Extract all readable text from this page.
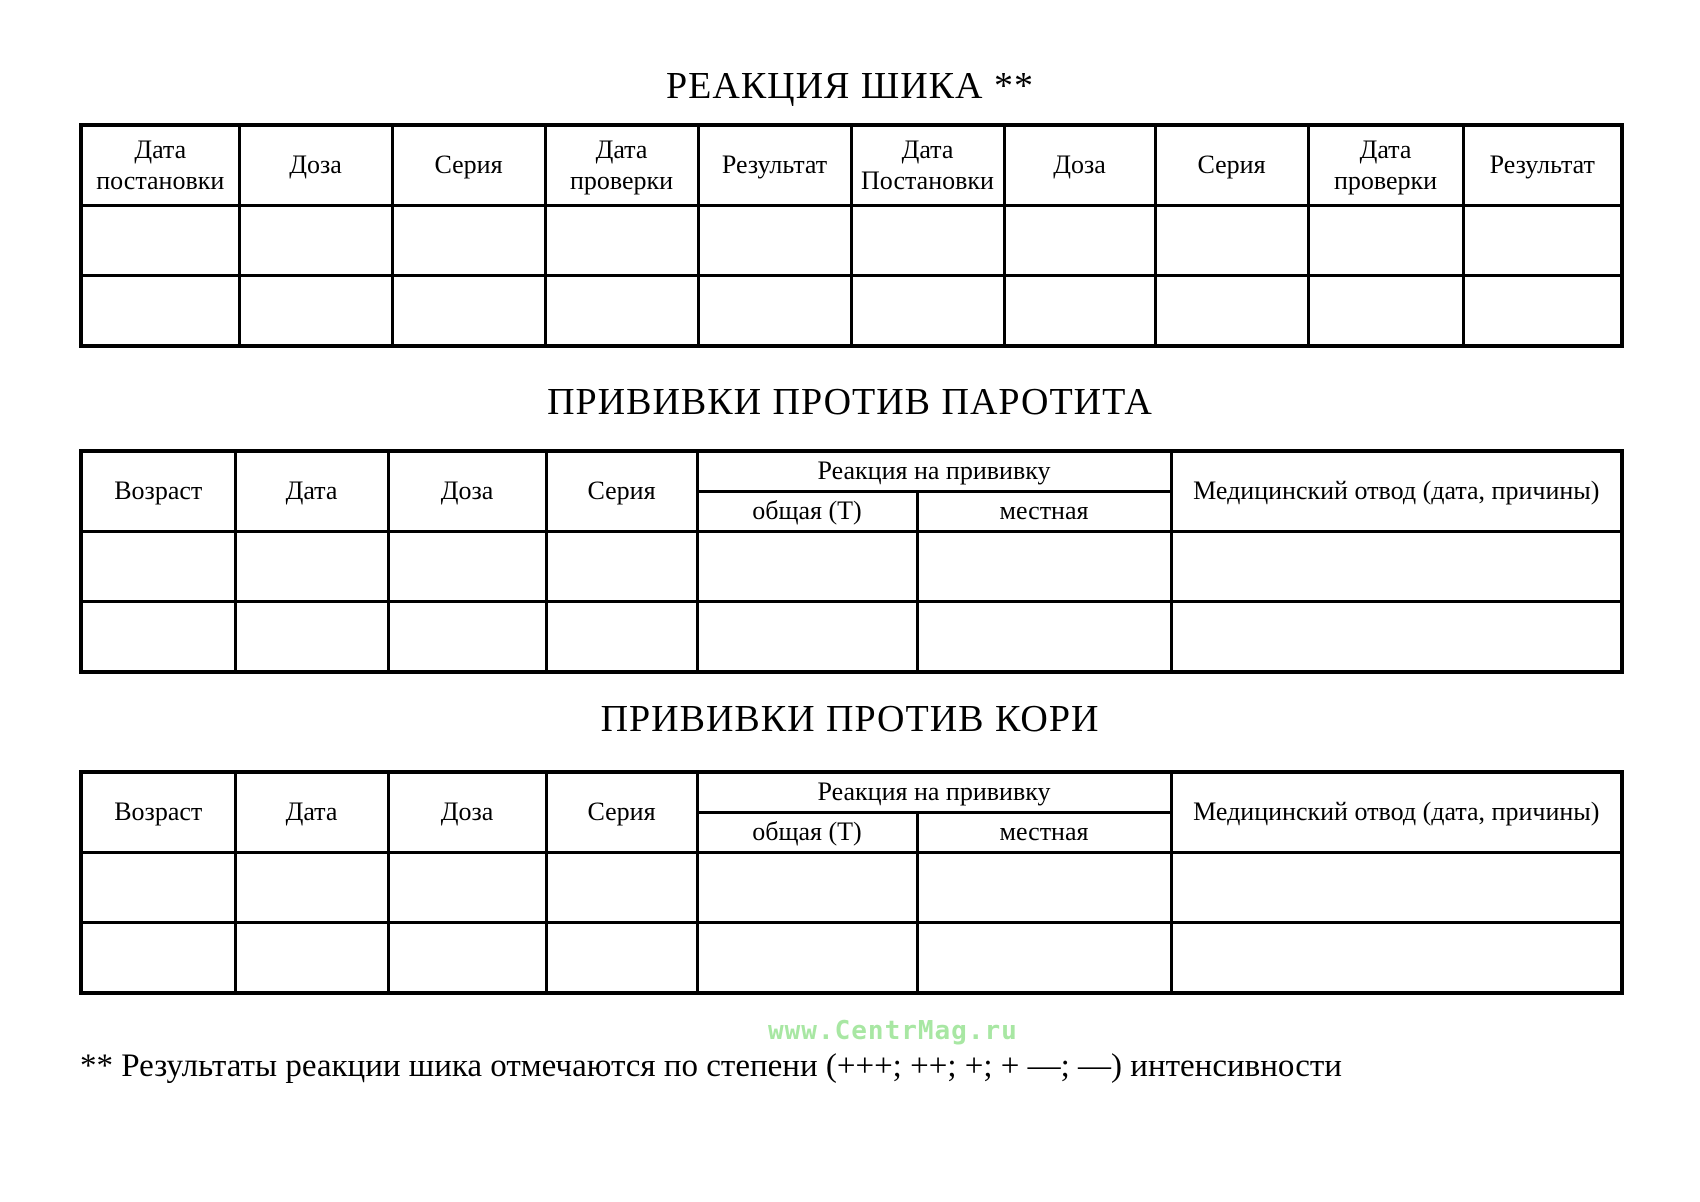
РЕАКЦИЯ ШИКА **
Дата постановки	Доза	Серия	Дата проверки	Результат	Дата Постановки	Доза	Серия	Дата проверки	Результат

ПРИВИВКИ ПРОТИВ ПАРОТИТА
Возраст	Дата	Доза	Серия	Реакция на прививку		Медицинский отвод (дата, причины)
				общая (Т)	местная	

ПРИВИВКИ ПРОТИВ КОРИ
Возраст	Дата	Доза	Серия	Реакция на прививку		Медицинский отвод (дата, причины)
				общая (Т)	местная	

www.CentrMag.ru
** Результаты реакции шика отмечаются по степени (+++; ++; +; + —; —) интенсивности
